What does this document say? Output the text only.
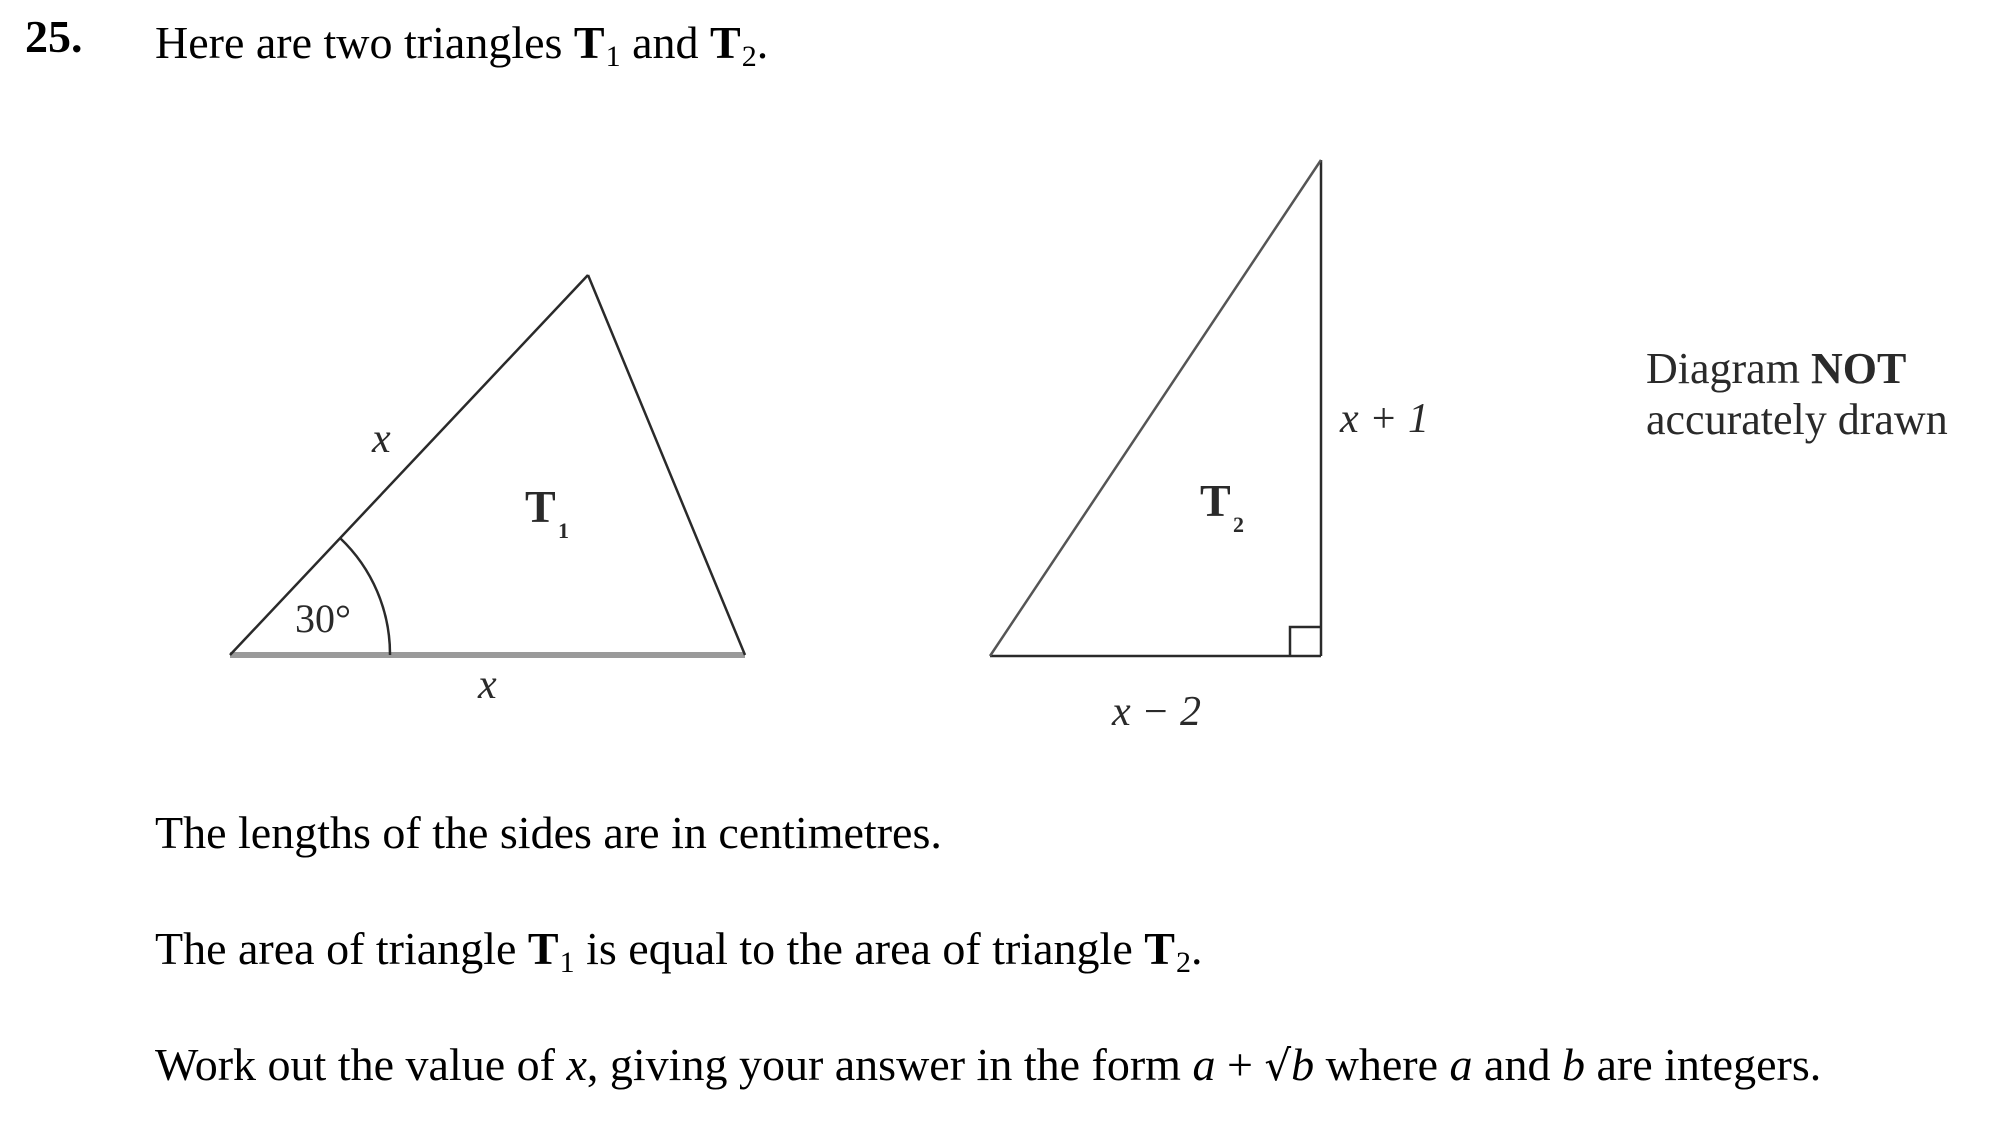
25. Here are two triangles T1 and T2.
30°
x
x
T 1
x + 1
x − 2
T 2
Diagram NOT
accurately drawn
The lengths of the sides are in centimetres.
The area of triangle T1 is equal to the area of triangle T2.
Work out the value of x, giving your answer in the form a + √b where a and b are integers.
